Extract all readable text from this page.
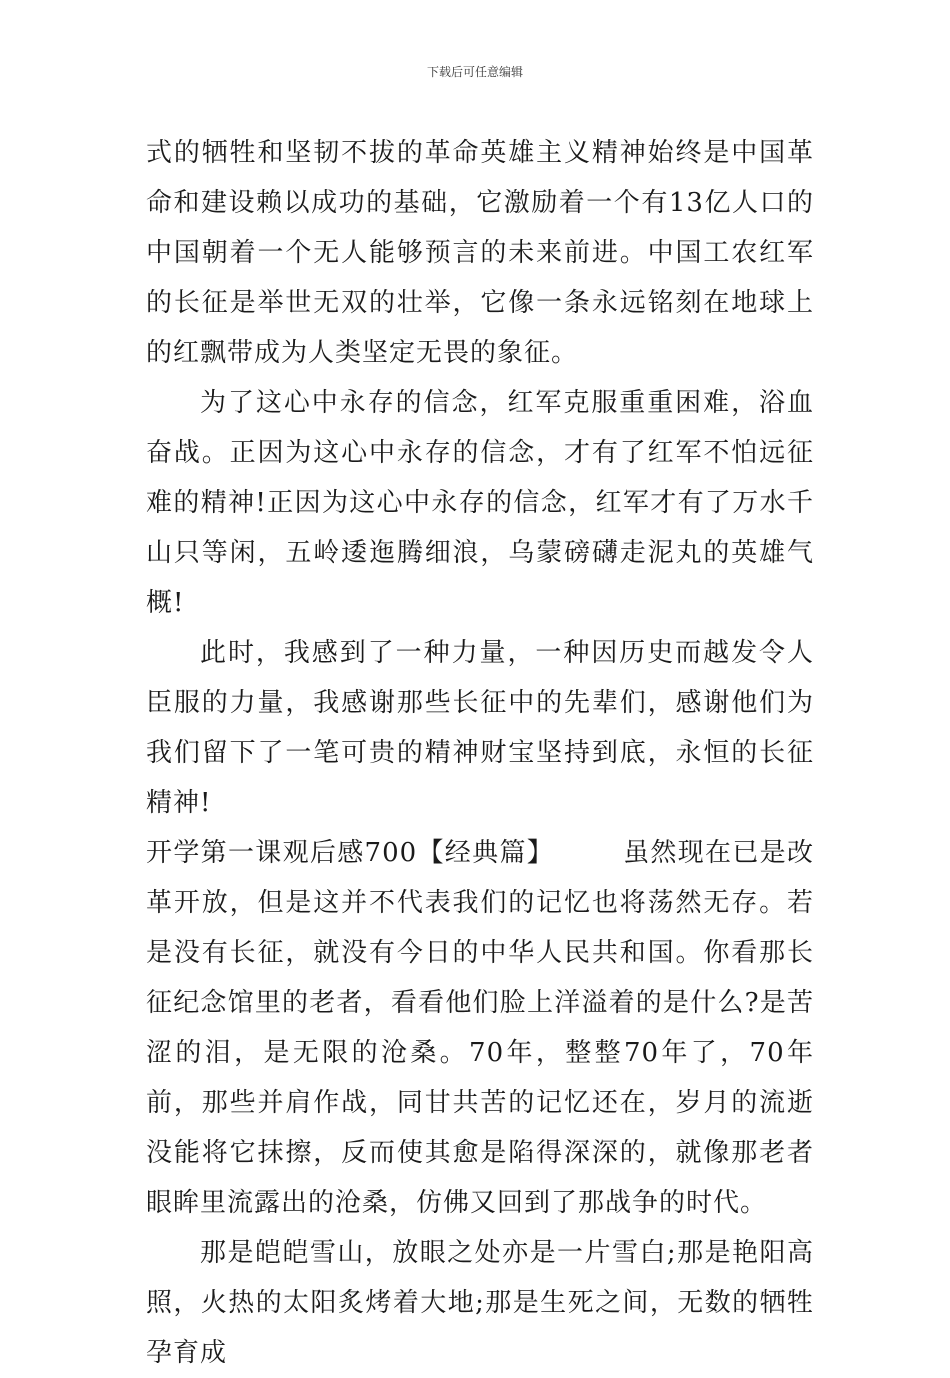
下载后可任意编辑

式的牺牲和坚韧不拔的革命英雄主义精神始终是中国革命和建设赖以成功的基础，它激励着一个有13亿人口的中国朝着一个无人能够预言的未来前进。中国工农红军的长征是举世无双的壮举，它像一条永远铭刻在地球上的红飘带成为人类坚定无畏的象征。

为了这心中永存的信念，红军克服重重困难，浴血奋战。正因为这心中永存的信念，才有了红军不怕远征难的精神!正因为这心中永存的信念，红军才有了万水千山只等闲，五岭逶迤腾细浪，乌蒙磅礴走泥丸的英雄气概!

此时，我感到了一种力量，一种因历史而越发令人臣服的力量，我感谢那些长征中的先辈们，感谢他们为我们留下了一笔可贵的精神财宝坚持到底，永恒的长征精神!

开学第一课观后感700【经典篇】　　　	虽然现在已是改革开放，但是这并不代表我们的记忆也将荡然无存。若是没有长征，就没有今日的中华人民共和国。你看那长征纪念馆里的老者，看看他们脸上洋溢着的是什么?是苦涩的泪，是无限的沧桑。70年，整整70年了，70年前，那些并肩作战，同甘共苦的记忆还在，岁月的流逝没能将它抹擦，反而使其愈是陷得深深的，就像那老者眼眸里流露出的沧桑，仿佛又回到了那战争的时代。

那是皑皑雪山，放眼之处亦是一片雪白;那是艳阳高照，火热的太阳炙烤着大地;那是生死之间，无数的牺牲孕育成
